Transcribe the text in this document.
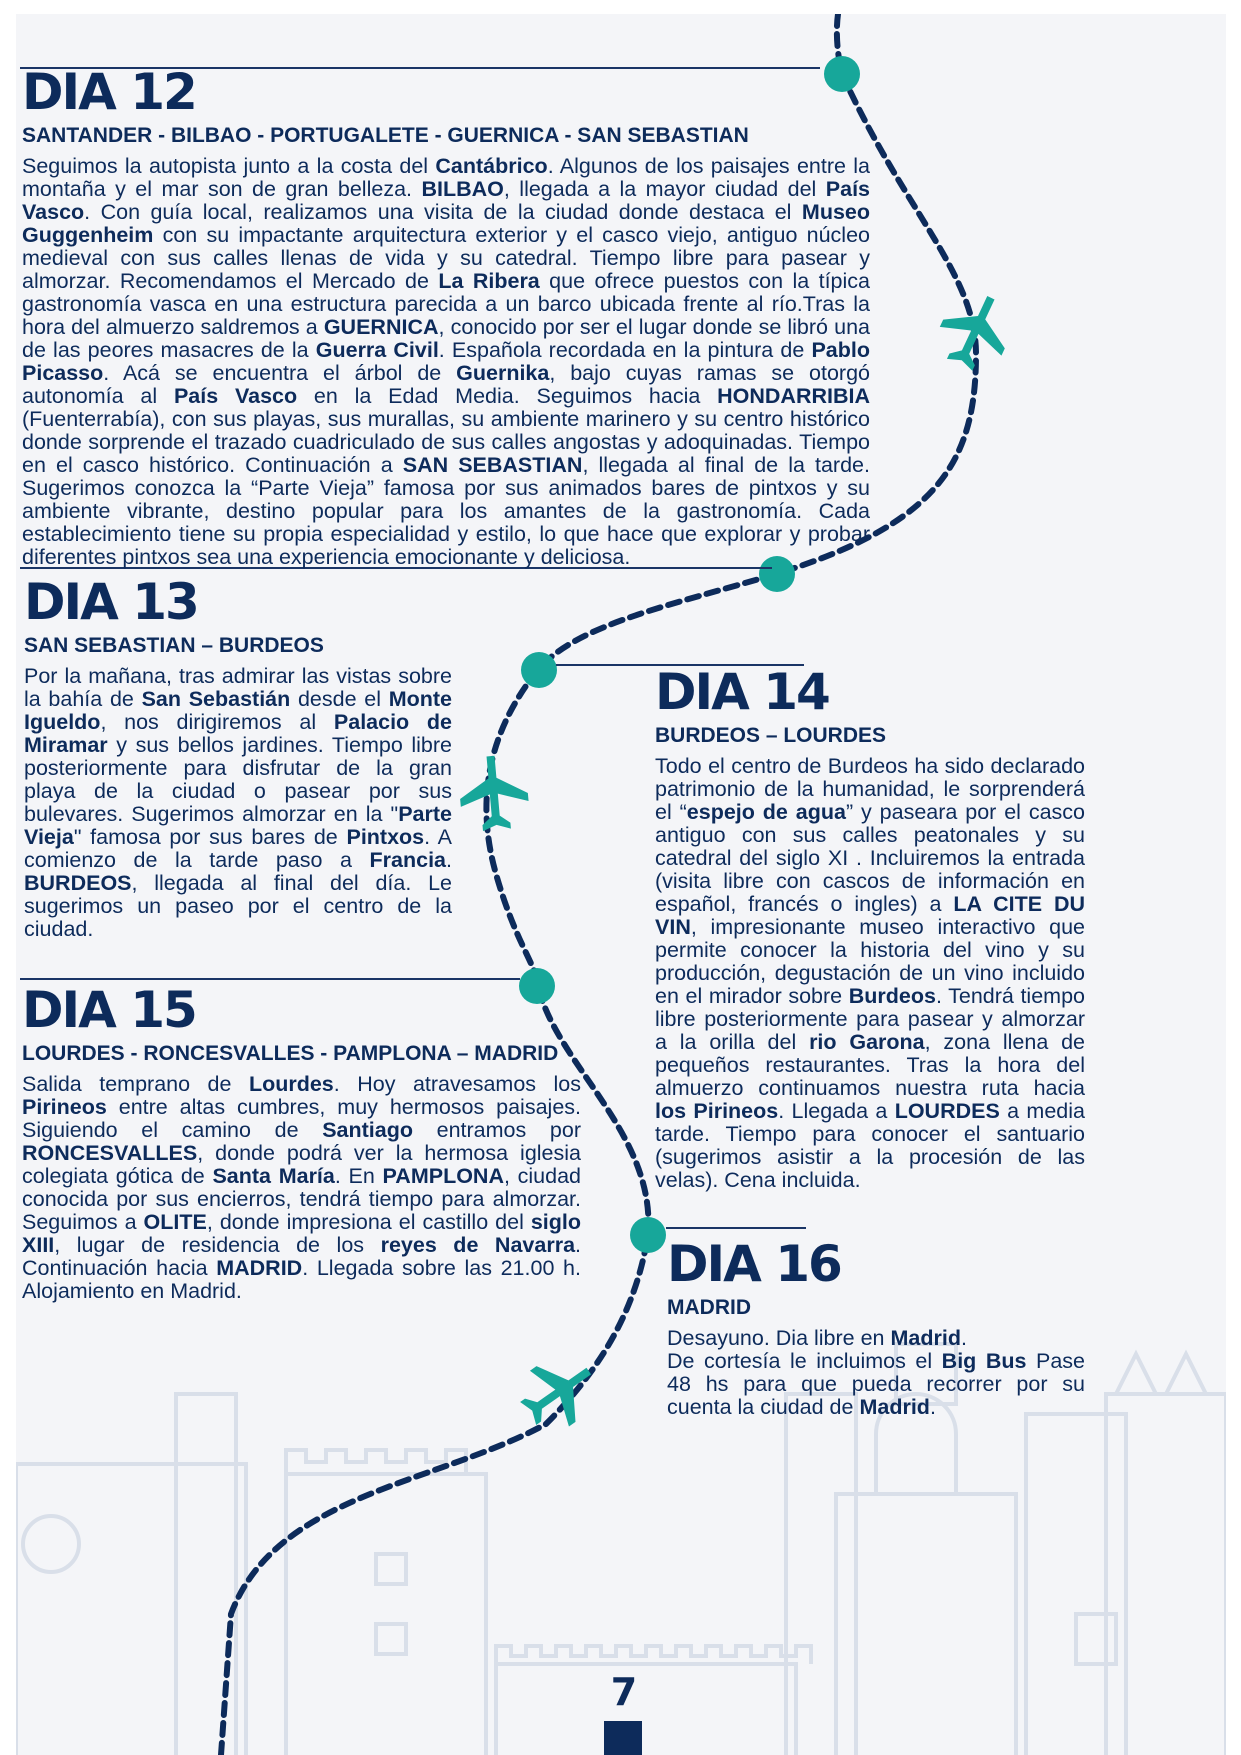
DIA 12
SANTANDER - BILBAO - PORTUGALETE - GUERNICA - SAN SEBASTIAN

Seguimos la autopista junto a la costa del Cantábrico. Algunos de los paisajes entre la montaña y el mar son de gran belleza. BILBAO, llegada a la mayor ciudad del País Vasco. Con guía local, realizamos una visita de la ciudad donde destaca el Museo Guggenheim con su impactante arquitectura exterior y el casco viejo, antiguo núcleo medieval con sus calles llenas de vida y su catedral. Tiempo libre para pasear y almorzar. Recomendamos el Mercado de La Ribera que ofrece puestos con la típica gastronomía vasca en una estructura parecida a un barco ubicada frente al río.Tras la hora del almuerzo saldremos a GUERNICA, conocido por ser el lugar donde se libró una de las peores masacres de la Guerra Civil. Española recordada en la pintura de Pablo Picasso. Acá se encuentra el árbol de Guernika, bajo cuyas ramas se otorgó autonomía al País Vasco en la Edad Media. Seguimos hacia HONDARRIBIA (Fuenterrabía), con sus playas, sus murallas, su ambiente marinero y su centro histórico donde sorprende el trazado cuadriculado de sus calles angostas y adoquinadas. Tiempo en el casco histórico. Continuación a SAN SEBASTIAN, llegada al final de la tarde. Sugerimos conozca la “Parte Vieja” famosa por sus animados bares de pintxos y su ambiente vibrante, destino popular para los amantes de la gastronomía. Cada establecimiento tiene su propia especialidad y estilo, lo que hace que explorar y probar diferentes pintxos sea una experiencia emocionante y deliciosa.

DIA 13
SAN SEBASTIAN – BURDEOS

Por la mañana, tras admirar las vistas sobre la bahía de San Sebastián desde el Monte Igueldo, nos dirigiremos al Palacio de Miramar y sus bellos jardines. Tiempo libre posteriormente para disfrutar de la gran playa de la ciudad o pasear por sus bulevares. Sugerimos almorzar en la "Parte Vieja" famosa por sus bares de Pintxos. A comienzo de la tarde paso a Francia. BURDEOS, llegada al final del día. Le sugerimos un paseo por el centro de la ciudad.

DIA 14
BURDEOS – LOURDES

Todo el centro de Burdeos ha sido declarado patrimonio de la humanidad, le sorprenderá el “espejo de agua” y paseara por el casco antiguo con sus calles peatonales y su catedral del siglo XI . Incluiremos la entrada (visita libre con cascos de información en español, francés o ingles) a LA CITE DU VIN, impresionante museo interactivo que permite conocer la historia del vino y su producción, degustación de un vino incluido en el mirador sobre Burdeos. Tendrá tiempo libre posteriormente para pasear y almorzar a la orilla del rio Garona, zona llena de pequeños restaurantes. Tras la hora del almuerzo continuamos nuestra ruta hacia los Pirineos. Llegada a LOURDES a media tarde. Tiempo para conocer el santuario (sugerimos asistir a la procesión de las velas). Cena incluida.

DIA 15
LOURDES - RONCESVALLES - PAMPLONA – MADRID

Salida temprano de Lourdes. Hoy atravesamos los Pirineos entre altas cumbres, muy hermosos paisajes. Siguiendo el camino de Santiago entramos por RONCESVALLES, donde podrá ver la hermosa iglesia colegiata gótica de Santa María. En PAMPLONA, ciudad conocida por sus encierros, tendrá tiempo para almorzar. Seguimos a OLITE, donde impresiona el castillo del siglo XIII, lugar de residencia de los reyes de Navarra. Continuación hacia MADRID. Llegada sobre las 21.00 h. Alojamiento en Madrid.	DIA 16
MADRID

Desayuno. Dia libre en Madrid.
De cortesía le incluimos el Big Bus Pase 48 hs para que pueda recorrer por su cuenta la ciudad de Madrid.

7
